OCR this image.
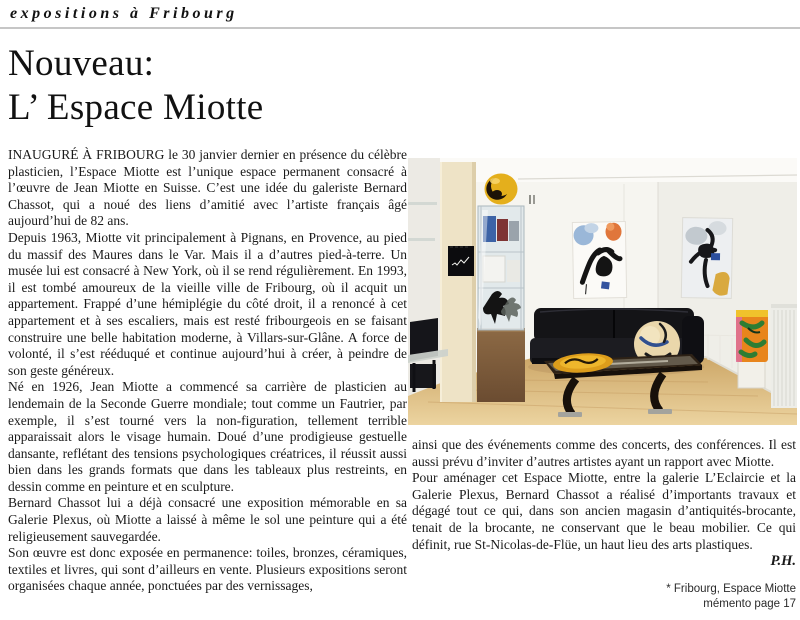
expositions à Fribourg
Nouveau:
L’ Espace Miotte

INAUGURÉ À FRIBOURG le 30 janvier dernier en présence du célèbre plasticien, l’Espace Miotte est l’unique espace permanent consacré à l’œuvre de Jean Miotte en Suisse. C’est une idée du galeriste Bernard Chassot, qui a noué des liens d’amitié avec l’artiste français âgé aujourd’hui de 82 ans.

Depuis 1963, Miotte vit principalement à Pignans, en Provence, au pied du massif des Maures dans le Var. Mais il a d’autres pied-à-terre. Un musée lui est consacré à New York, où il se rend régulièrement. En 1993, il est tombé amoureux de la vieille ville de Fribourg, où il acquit un appartement. Frappé d’une hémiplégie du côté droit, il a renoncé à cet appartement et à ses escaliers, mais est resté fribourgeois en se faisant construire une belle habitation moderne, à Villars-sur-Glâne. A force de volonté, il s’est rééduqué et continue aujourd’hui à créer, à peindre de son geste généreux.

Né en 1926, Jean Miotte a commencé sa carrière de plasticien au lendemain de la Seconde Guerre mondiale; tout comme un Fautrier, par exemple, il s’est tourné vers la non-figuration, tellement terrible apparaissait alors le visage humain. Doué d’une prodigieuse gestuelle dansante, reflétant des tensions psychologiques créatrices, il réussit aussi bien dans les grands formats que dans les tableaux plus restreints, en dessin comme en peinture et en sculpture.

Bernard Chassot lui a déjà consacré une exposition mémorable en sa Galerie Plexus, où Miotte a laissé à même le sol une peinture qui a été religieusement sauvegardée.

Son œuvre est donc exposée en permanence: toiles, bronzes, céramiques, textiles et livres, qui sont d’ailleurs en vente. Plusieurs expositions seront organisées chaque année, ponctuées par des vernissages,

ainsi que des événements comme des concerts, des conférences. Il est aussi prévu d’inviter d’autres artistes ayant un rapport avec Miotte.

Pour aménager cet Espace Miotte, entre la galerie L’Eclaircie et la Galerie Plexus, Bernard Chassot a réalisé d’importants travaux et dégagé tout ce qui, dans son ancien magasin d’antiquités-brocante, tenait de la brocante, ne conservant que le beau mobilier. Ce qui définit, rue St-Nicolas-de-Flüe, un haut lieu des arts plastiques.

P.H.

* Fribourg, Espace Miotte
mémento page 17
